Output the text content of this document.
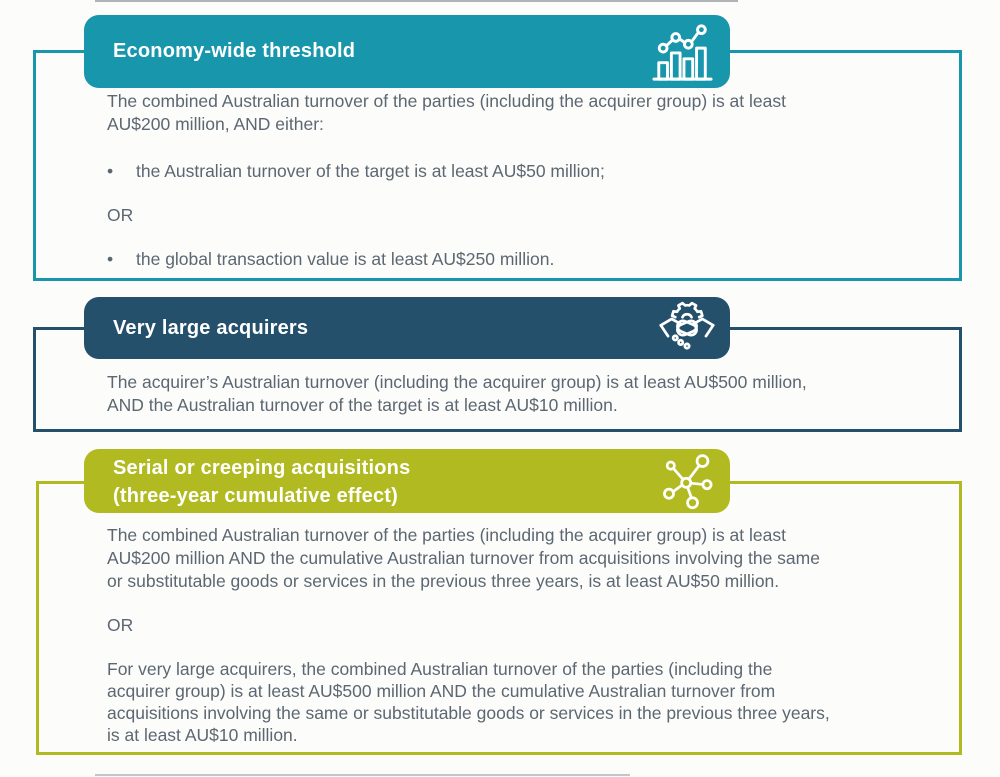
Economy-wide threshold
The combined Australian turnover of the parties (including the acquirer group) is at least
AU$200 million, AND either:
•	the Australian turnover of the target is at least AU$50 million;
OR
•	the global transaction value is at least AU$250 million.
Very large acquirers
The acquirer’s Australian turnover (including the acquirer group) is at least AU$500 million,
AND the Australian turnover of the target is at least AU$10 million.
Serial or creeping acquisitions
(three-year cumulative effect)
The combined Australian turnover of the parties (including the acquirer group) is at least
AU$200 million AND the cumulative Australian turnover from acquisitions involving the same
or substitutable goods or services in the previous three years, is at least AU$50 million.
OR
For very large acquirers, the combined Australian turnover of the parties (including the
acquirer group) is at least AU$500 million AND the cumulative Australian turnover from
acquisitions involving the same or substitutable goods or services in the previous three years,
is at least AU$10 million.
